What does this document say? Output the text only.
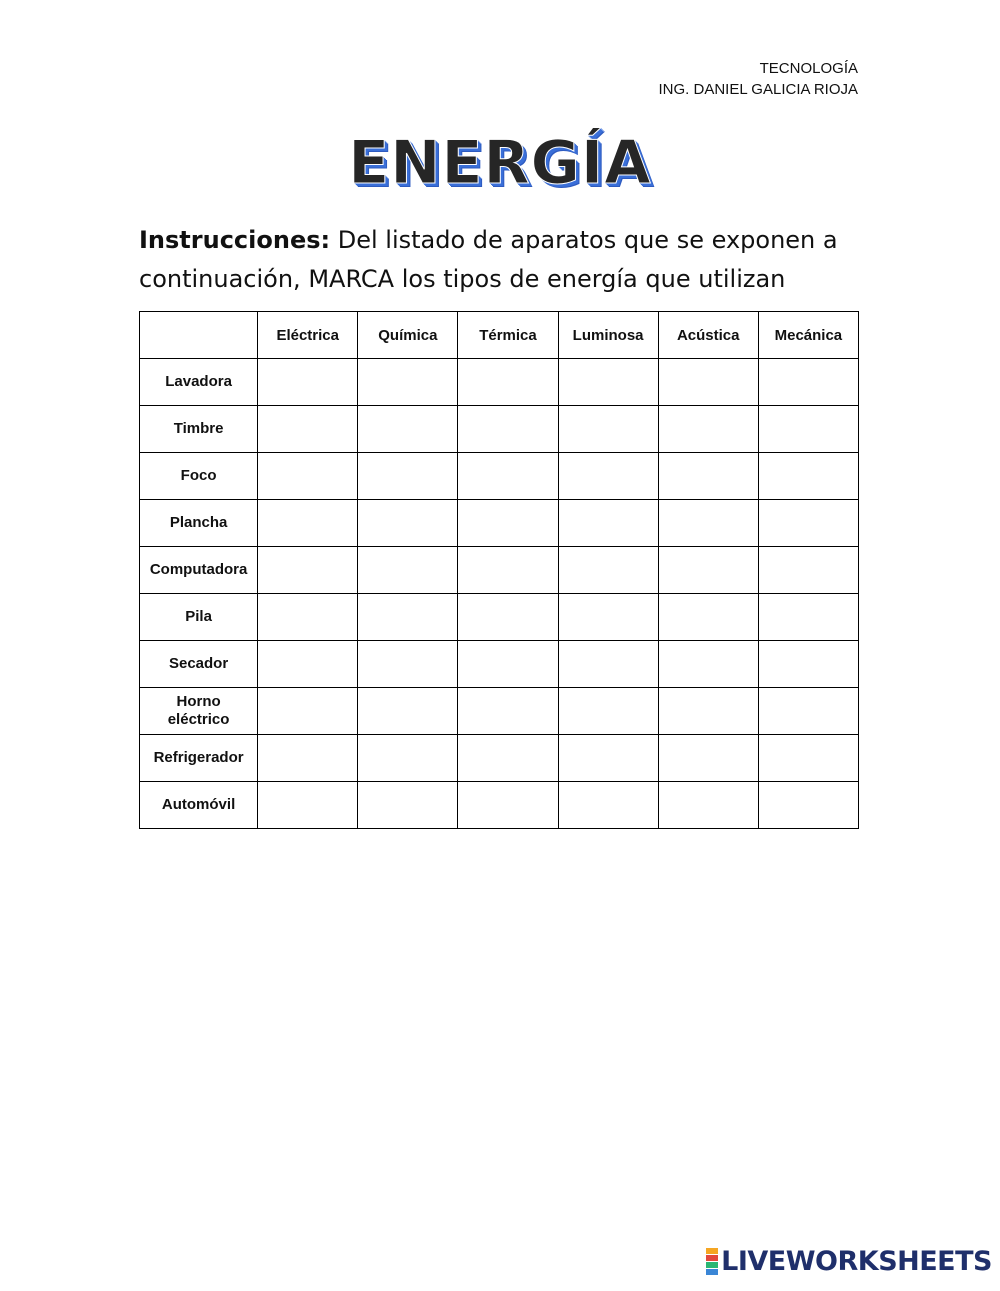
TECNOLOGÍA
ING. DANIEL GALICIA RIOJA
ENERGÍA
Instrucciones: Del listado de aparatos que se exponen a continuación, MARCA los tipos de energía que utilizan
	Eléctrica	Química	Térmica	Luminosa	Acústica	Mecánica
Lavadora						
Timbre						
Foco						
Plancha						
Computadora						
Pila						
Secador						
Horno eléctrico						
Refrigerador						
Automóvil						
LIVEWORKSHEETS
